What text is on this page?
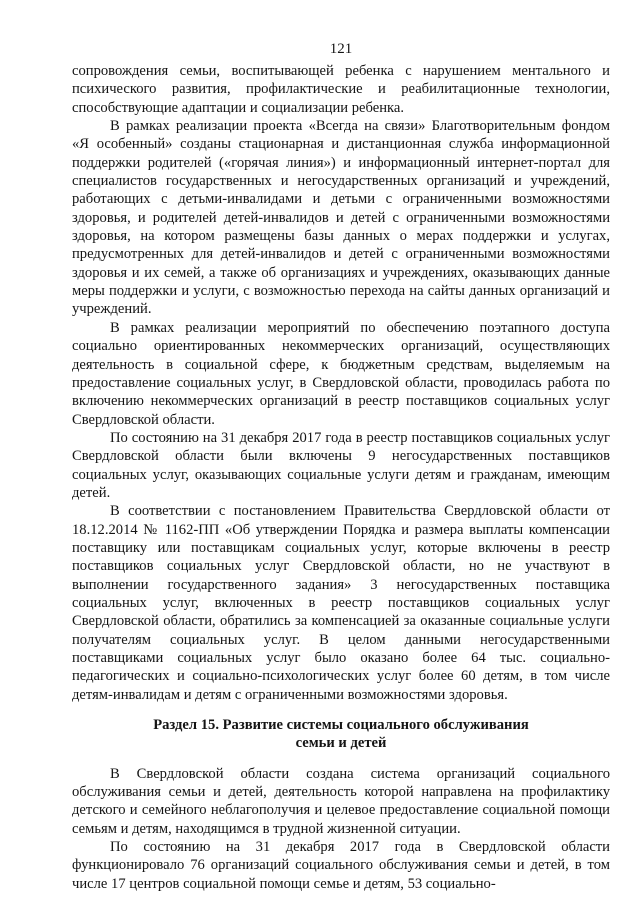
121

сопровождения семьи, воспитывающей ребенка с нарушением ментального и психического развития, профилактические и реабилитационные технологии, способствующие адаптации и социализации ребенка.

В рамках реализации проекта «Всегда на связи» Благотворительным фондом «Я особенный» созданы стационарная и дистанционная служба информационной поддержки родителей («горячая линия») и информационный интернет-портал для специалистов государственных и негосударственных организаций и учреждений, работающих с детьми-инвалидами и детьми с ограниченными возможностями здоровья, и родителей детей-инвалидов и детей с ограниченными возможностями здоровья, на котором размещены базы данных о мерах поддержки и услугах, предусмотренных для детей-инвалидов и детей с ограниченными возможностями здоровья и их семей, а также об организациях и учреждениях, оказывающих данные меры поддержки и услуги, с возможностью перехода на сайты данных организаций и учреждений.

В рамках реализации мероприятий по обеспечению поэтапного доступа социально ориентированных некоммерческих организаций, осуществляющих деятельность в социальной сфере, к бюджетным средствам, выделяемым на предоставление социальных услуг, в Свердловской области, проводилась работа по включению некоммерческих организаций в реестр поставщиков социальных услуг Свердловской области.

По состоянию на 31 декабря 2017 года в реестр поставщиков социальных услуг Свердловской области были включены 9 негосударственных поставщиков социальных услуг, оказывающих социальные услуги детям и гражданам, имеющим детей.

В соответствии с постановлением Правительства Свердловской области от 18.12.2014 № 1162-ПП «Об утверждении Порядка и размера выплаты компенсации поставщику или поставщикам социальных услуг, которые включены в реестр поставщиков социальных услуг Свердловской области, но не участвуют в выполнении государственного задания» 3 негосударственных поставщика социальных услуг, включенных в реестр поставщиков социальных услуг Свердловской области, обратились за компенсацией за оказанные социальные услуги получателям социальных услуг. В целом данными негосударственными поставщиками социальных услуг было оказано более 64 тыс. социально-педагогических и социально-психологических услуг более 60 детям, в том числе детям-инвалидам и детям с ограниченными возможностями здоровья.

Раздел 15. Развитие системы социального обслуживания
семьи и детей

В Свердловской области создана система организаций социального обслуживания семьи и детей, деятельность которой направлена на профилактику детского и семейного неблагополучия и целевое предоставление социальной помощи семьям и детям, находящимся в трудной жизненной ситуации.

По состоянию на 31 декабря 2017 года в Свердловской области функционировало 76 организаций социального обслуживания семьи и детей, в том числе 17 центров социальной помощи семье и детям, 53 социально-
